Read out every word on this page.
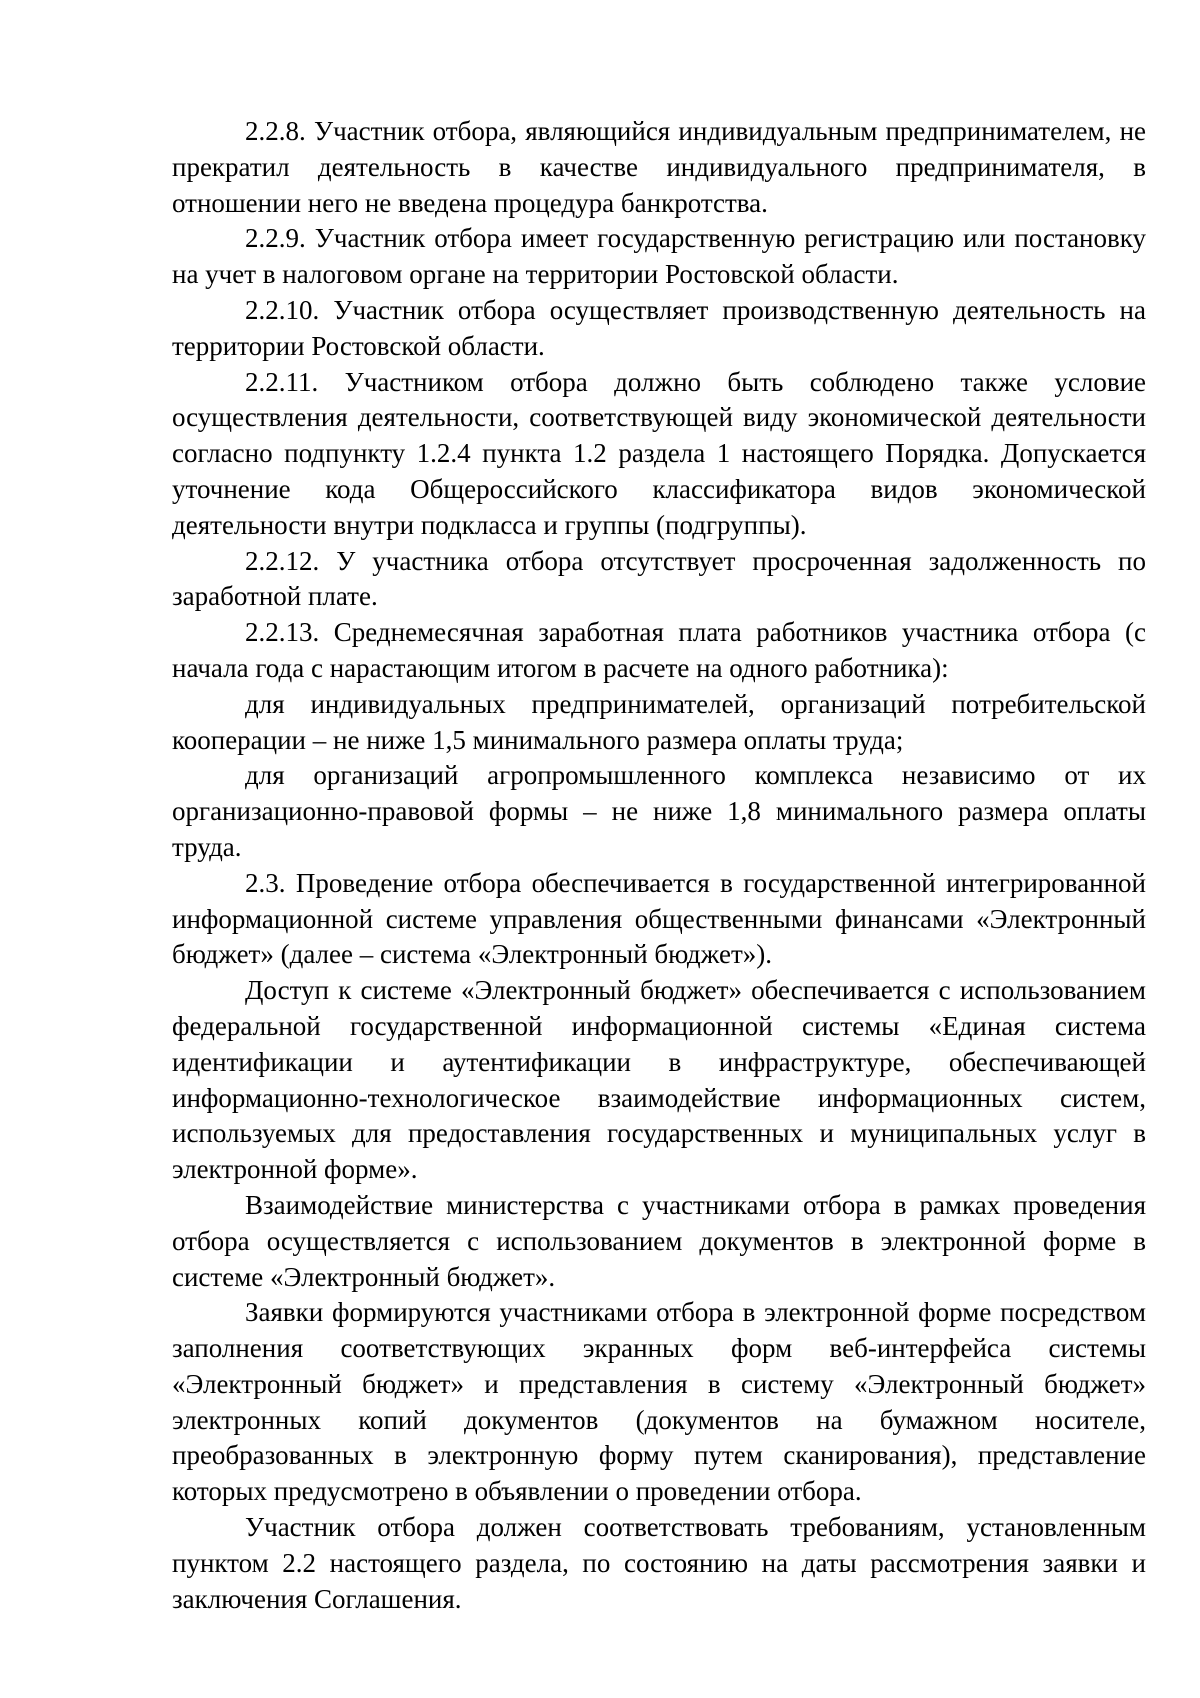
2.2.8. Участник отбора, являющийся индивидуальным предпринимателем, не прекратил деятельность в качестве индивидуального предпринимателя, в отношении него не введена процедура банкротства.

2.2.9. Участник отбора имеет государственную регистрацию или постановку на учет в налоговом органе на территории Ростовской области.

2.2.10. Участник отбора осуществляет производственную деятельность на территории Ростовской области.

2.2.11. Участником отбора должно быть соблюдено также условие осуществления деятельности, соответствующей виду экономической деятельности согласно подпункту 1.2.4 пункта 1.2 раздела 1 настоящего Порядка. Допускается уточнение кода Общероссийского классификатора видов экономической деятельности внутри подкласса и группы (подгруппы).

2.2.12. У участника отбора отсутствует просроченная задолженность по заработной плате.

2.2.13. Среднемесячная заработная плата работников участника отбора (с начала года с нарастающим итогом в расчете на одного работника):

для индивидуальных предпринимателей, организаций потребительской кооперации – не ниже 1,5 минимального размера оплаты труда;

для организаций агропромышленного комплекса независимо от их организационно-правовой формы – не ниже 1,8 минимального размера оплаты труда.

2.3. Проведение отбора обеспечивается в государственной интегрированной информационной системе управления общественными финансами «Электронный бюджет» (далее – система «Электронный бюджет»).

Доступ к системе «Электронный бюджет» обеспечивается с использованием федеральной государственной информационной системы «Единая система идентификации и аутентификации в инфраструктуре, обеспечивающей информационно-технологическое взаимодействие информационных систем, используемых для предоставления государственных и муниципальных услуг в электронной форме».

Взаимодействие министерства с участниками отбора в рамках проведения отбора осуществляется с использованием документов в электронной форме в системе «Электронный бюджет».

Заявки формируются участниками отбора в электронной форме посредством заполнения соответствующих экранных форм веб-интерфейса системы «Электронный бюджет» и представления в систему «Электронный бюджет» электронных копий документов (документов на бумажном носителе, преобразованных в электронную форму путем сканирования), представление которых предусмотрено в объявлении о проведении отбора.

Участник отбора должен соответствовать требованиям, установленным пунктом 2.2 настоящего раздела, по состоянию на даты рассмотрения заявки и заключения Соглашения.
